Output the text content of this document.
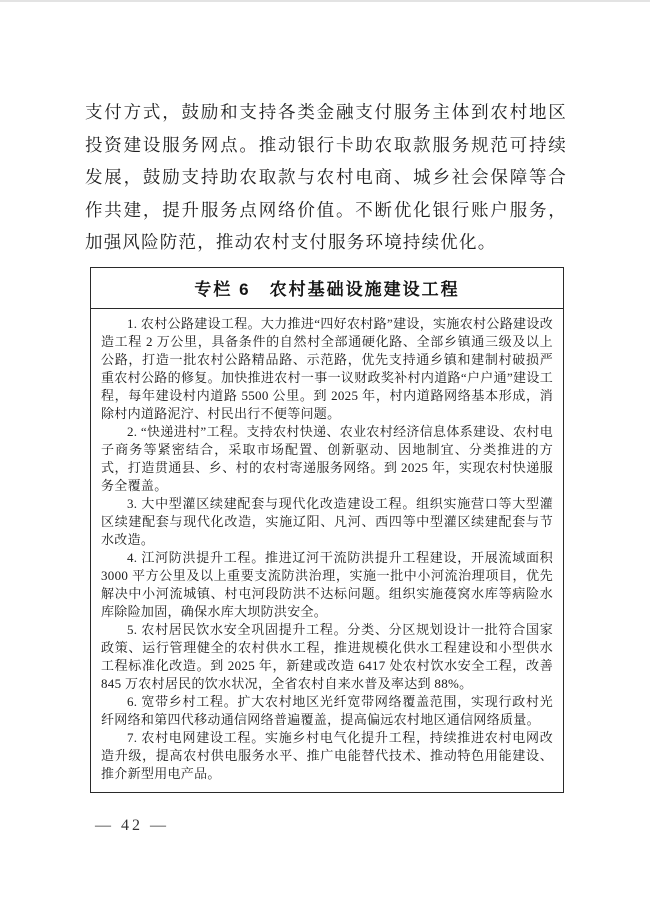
支付方式，鼓励和支持各类金融支付服务主体到农村地区投资建设服务网点。推动银行卡助农取款服务规范可持续发展，鼓励支持助农取款与农村电商、城乡社会保障等合作共建，提升服务点网络价值。不断优化银行账户服务，加强风险防范，推动农村支付服务环境持续优化。

专栏 6　农村基础设施建设工程

1. 农村公路建设工程。大力推进“四好农村路”建设，实施农村公路建设改造工程 2 万公里，具备条件的自然村全部通硬化路、全部乡镇通三级及以上公路，打造一批农村公路精品路、示范路，优先支持通乡镇和建制村破损严重农村公路的修复。加快推进农村一事一议财政奖补村内道路“户户通”建设工程，每年建设村内道路 5500 公里。到 2025 年，村内道路网络基本形成，消除村内道路泥泞、村民出行不便等问题。

2. “快递进村”工程。支持农村快递、农业农村经济信息体系建设、农村电子商务等紧密结合，采取市场配置、创新驱动、因地制宜、分类推进的方式，打造贯通县、乡、村的农村寄递服务网络。到 2025 年，实现农村快递服务全覆盖。

3. 大中型灌区续建配套与现代化改造建设工程。组织实施营口等大型灌区续建配套与现代化改造，实施辽阳、凡河、西四等中型灌区续建配套与节水改造。

4. 江河防洪提升工程。推进辽河干流防洪提升工程建设，开展流域面积 3000 平方公里及以上重要支流防洪治理，实施一批中小河流治理项目，优先解决中小河流城镇、村屯河段防洪不达标问题。组织实施葠窝水库等病险水库除险加固，确保水库大坝防洪安全。

5. 农村居民饮水安全巩固提升工程。分类、分区规划设计一批符合国家政策、运行管理健全的农村供水工程，推进规模化供水工程建设和小型供水工程标准化改造。到 2025 年，新建或改造 6417 处农村饮水安全工程，改善 845 万农村居民的饮水状况，全省农村自来水普及率达到 88%。

6. 宽带乡村工程。扩大农村地区光纤宽带网络覆盖范围，实现行政村光纤网络和第四代移动通信网络普遍覆盖，提高偏远农村地区通信网络质量。

7. 农村电网建设工程。实施乡村电气化提升工程，持续推进农村电网改造升级，提高农村供电服务水平、推广电能替代技术、推动特色用能建设、推介新型用电产品。

— 42 —
